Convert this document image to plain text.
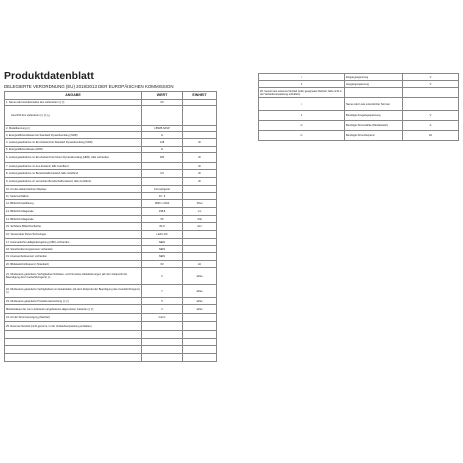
Produktdatenblatt
DELEGIERTE VERORDNUNG (EU) 2019/2013 DER EUROPÄISCHEN KOMMISSION
ANGABE	WERT	EINHEIT
1. Name oder Handelsmarke des Lieferanten (¹) (²)	MI	
Anschrift des Lieferanten (¹) (²) (₂)		
2. Modellkennung (¹)	L55M5-5ASP	
3. Energieeffizienzklasse bei Standard Dynamikumfang (SDR)	G	
4. Leistungsaufnahme im Ein-Zustand bei Standard Dynamikumfang (SDR)	148	W
5. Energieeffizienzklasse (HDR)	G	
6. Leistungsaufnahme im Ein-Zustand bei hohem Dynamikumfang (HDR), falls vorhanden	180	W
7. Leistungsaufnahme im Aus-Zustand, falls zutreffend		W
8. Leistungsaufnahme im Bereitschaftszustand, falls zutreffend	0,5	W
9. Leistungsaufnahme im vernetzten Bereitschaftszustand, falls zutreffend		W
10. Art des elektronischen Displays	Fernsehgerät	
11. Seitenverhältnis	16 : 9	
12. Bildschirmauflösung	3840 x 2160	Pixel
13. Bildschirmdiagonale	138,8	cm
14. Bildschirmdiagonale	55	Zoll
15. Sichtbare Bildschirmfläche	82,9	dm²
16. Verwendete Panel-Technologie	LED LCD	
17. Automatische Helligkeitsregelung (ABC) vorhanden	NEIN	
18. Spracherkennungssensor vorhanden	NEIN	
19. Anwesenheitssensor vorhanden	NEIN	
20. Bildwiederholfrequenz (Standard)	60	Hz
21. Mindestens garantierte Verfügbarkeit Software- und Firmware-Aktualisierungen (ab dem Zeitpunkt der Beendigung des Inverkehrbringens) (¹)	2	Jahre
22. Mindestens garantierte Verfügbarkeit von Ersatzteilen (ab dem Zeitpunkt der Beendigung des Inverkehrbringens) (¹)	7	Jahre
23. Mindestens garantierte Produktunterstützung (¹) (²)	5	Jahre
Mindestdauer der vom Lieferanten angebotenen allgemeinen Garantie (¹) (²)	2	Jahre
24. Art der Stromversorgung (Netzteil)	Intern	
25. Externes Netzteil (nicht genormt, in der Verkaufsverpackung enthalten)		

i	Eingangsspannung	V
ii	Ausgangsspannung	V
26. Genormtes externes Netzteil (oder geeignetes Netzteil, falls nicht in der Verkaufsverpackung enthalten)		
i	Name oder Liste unterstützter Normen	
ii	Benötigte Ausgangsspannung	V
iii	Benötigte Stromstärke (Mindestwert)	A
iv	Benötigte Stromfrequenz	Hz
